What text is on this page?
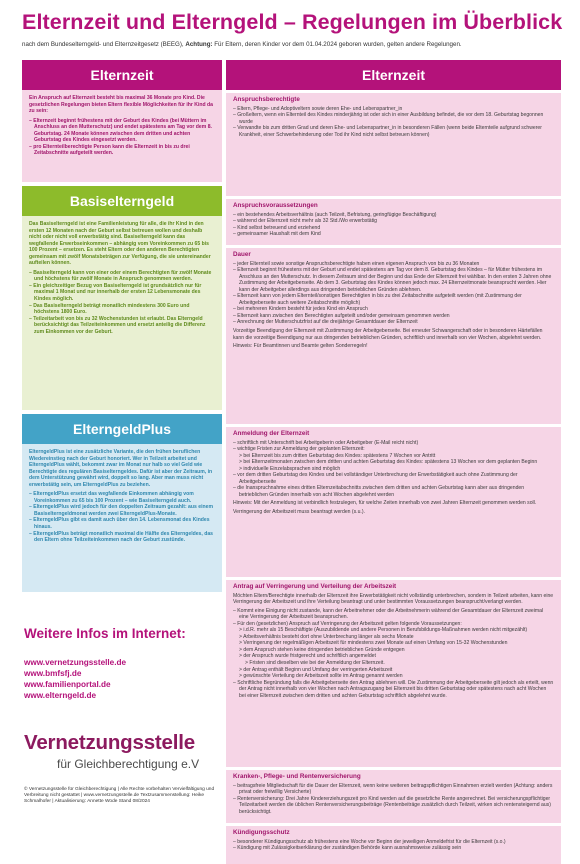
Elternzeit und Elterngeld – Regelungen im Überblick
nach dem Bundeselterngeld- und Elternzeitgesetz (BEEG), Achtung: Für Eltern, deren Kinder vor dem 01.04.2024 geboren wurden, gelten andere Regelungen.
Elternzeit

Ein Anspruch auf Elternzeit besteht bis maximal 36 Monate pro Kind. Die gesetzlichen Regelungen bieten Eltern flexible Möglichkeiten für ihr Kind da zu sein:

– Elternzeit beginnt frühestens mit der Geburt des Kindes (bei Müttern im Anschluss an den Mutterschutz) und endet spätestens am Tag vor dem 8. Geburtstag. 24 Monate können zwischen dem dritten und achten Geburtstag des Kindes eingesetzt werden.
– pro Elternteilberechtigte Person kann die Elternzeit in bis zu drei Zeitabschnitte aufgeteilt werden.
Basiselterngeld

Das Basiselterngeld ist eine Familienleistung für alle, die ihr Kind in den ersten 12 Monaten nach der Geburt selbst betreuen wollen und deshalb nicht oder nicht voll erwerbstätig sind. Basiselterngeld kann das wegfallende Erwerbseinkommen – abhängig vom Voreinkommen zu 65 bis 100 Prozent – ersetzen. Es steht Eltern oder den anderen Berechtigten gemeinsam mit zwölf Monatsbeträgen zur Verfügung, die sie untereinander aufteilen können.

– Basiselterngeld kann von einer oder einem Berechtigten für zwölf Monate und höchstens für zwölf Monate in Anspruch genommen werden.
– Ein gleichzeitiger Bezug von Basiselterngeld ist grundsätzlich nur für maximal 1 Monat und nur innerhalb der ersten 12 Lebensmonate des Kindes möglich.
– Das Basiselterngeld beträgt monatlich mindestens 300 Euro und höchstens 1800 Euro.
– Teilzeitarbeit von bis zu 32 Wochenstunden ist erlaubt. Das Elterngeld berücksichtigt das Teilzeiteinkommen und ersetzt anteilig die Differenz zum Einkommen vor der Geburt.
ElterngeldPlus

ElterngeldPlus ist eine zusätzliche Variante, die den frühen beruflichen Wiedereinstieg nach der Geburt honoriert. Wer in Teilzeit arbeitet und ElterngeldPlus wählt, bekommt zwar im Monat nur halb so viel Geld wie Berechtigte des regulären Basiselterngeldes. Dafür ist aber der Zeitraum, in dem Unterstützung gewährt wird, doppelt so lang. Aber man muss nicht erwerbstätig sein, um ElterngeldPlus zu beziehen.

– ElterngeldPlus ersetzt das wegfallende Einkommen abhängig vom Voreinkommen zu 65 bis 100 Prozent – wie Basiselterngeld auch.
– ElterngeldPlus wird jedoch für den doppelten Zeitraum gezahlt: aus einem Basiselterngeldmonat werden zwei ElterngeldPlus-Monate.
– ElterngeldPlus gibt es damit auch über den 14. Lebensmonat des Kindes hinaus.
– ElterngeldPlus beträgt monatlich maximal die Hälfte des Elterngeldes, das den Eltern ohne Teilzeiteinkommen nach der Geburt zustünde.
Weitere Infos im Internet:
www.vernetzungsstelle.de
www.bmfsfj.de
www.familienportal.de
www.elterngeld.de
Vernetzungsstelle
für Gleichberechtigung e.V
© Vernetzungsstelle für Gleichberechtigung | Alle Rechte vorbehalten Vervielfältigung und Verbreitung nicht gestattet | www.vernetzungsstelle.de Textzusammenstellung: Heike Schmalhofer | Aktualisierung: Annette Wode Stand 08/2024
Elternzeit
Anspruchsberechtigte
– Eltern, Pflege- und Adoptiveltern sowie deren Ehe- und Lebenspartner_in
– Großeltern, wenn ein Elternteil des Kindes minderjährig ist oder sich in einer Ausbildung befindet, die vor dem 18. Geburtstag begonnen wurde
– Verwandte bis zum dritten Grad und deren Ehe- und Lebenspartner_in in besonderen Fällen (wenn beide Elternteile aufgrund schwerer Krankheit, einer Schwerbehinderung oder Tod ihr Kind nicht selbst betreuen können)
Anspruchsvoraussetzungen
– ein bestehendes Arbeitsverhältnis (auch Teilzeit, Befristung, geringfügige Beschäftigung)
– während der Elternzeit nicht mehr als 32 Std./Wo erwerbstätig
– Kind selbst betreuend und erziehend
– gemeinsamer Haushalt mit dem Kind
Dauer
– jeder Elternteil sowie sonstige Anspruchsberechtigte haben einen eigenen Anspruch von bis zu 36 Monaten
– Elternzeit beginnt frühestens mit der Geburt und endet spätestens am Tag vor dem 8. Geburtstag des Kindes – für Mütter frühestens im Anschluss an den Mutterschutz. In diesem Zeitraum sind der Beginn und das Ende der Elternzeit frei wählbar. In den ersten 3 Jahren ohne Zustimmung der Arbeitgeberseite. Ab dem 3. Geburtstag des Kindes können jedoch max. 24 Elternzeitmonate beansprucht werden. Hier kann der Arbeitgeber allerdings aus dringenden betrieblichen Gründen ablehnen.
– Elternzeit kann von jedem Elternteil/sonstigen Berechtigten in bis zu drei Zeitabschnitte aufgeteilt werden (mit Zustimmung der Arbeitgeberseite auch weitere Zeitabschnitte möglich)
– bei mehreren Kindern besteht für jedes Kind ein Anspruch
– Elternzeit kann zwischen den Berechtigten aufgeteilt und/oder gemeinsam genommen werden
– Anrechnung der Mutterschutzfrist auf die dreijährige Gesamtdauer der Elternzeit

Vorzeitige Beendigung der Elternzeit mit Zustimmung der Arbeitgeberseite. Bei erneuter Schwangerschaft oder in besonderen Härtefällen kann die vorzeitige Beendigung nur aus dringenden betrieblichen Gründen, schriftlich und innerhalb von vier Wochen, abgelehnt werden.

Hinweis: Für Beamtinnen und Beamte gelten Sonderregeln!

Anmeldung der Elternzeit
– schriftlich mit Unterschrift bei Arbeitgeberin oder Arbeitgeber (E-Mail reicht nicht)
– wichtige Fristen zur Anmeldung der geplanten Elternzeit:
> bei Elternzeit bis zum dritten Geburtstag des Kindes: spätestens 7 Wochen vor Antritt
> bei Elternzeitmonaten zwischen dem dritten und achten Geburtstag des Kindes: spätestens 13 Wochen vor dem geplanten Beginn
> individuelle Einzelabsprachen sind möglich
– vor dem dritten Geburtstag des Kindes und bei vollständiger Unterbrechung der Erwerbstätigkeit auch ohne Zustimmung der Arbeitgeberseite
– die Inanspruchnahme eines dritten Elternzeitabschnitts zwischen dem dritten und achten Geburtstag kann aber aus dringenden betrieblichen Gründen innerhalb von acht Wochen abgelehnt werden

Hinweis: Mit der Anmeldung ist verbindlich festzulegen, für welche Zeiten innerhalb von zwei Jahren Elternzeit genommen werden soll.

Verringerung der Arbeitszeit muss beantragt werden (s.u.).

Antrag auf Verringerung und Verteilung der Arbeitszeit

Möchten Eltern/Berechtigte innerhalb der Elternzeit ihre Erwerbstätigkeit nicht vollständig unterbrechen, sondern in Teilzeit arbeiten, kann eine Verringerung der Arbeitszeit und ihre Verteilung beantragt und unter bestimmten Voraussetzungen beansprucht/verlangt werden.

– Kommt eine Einigung nicht zustande, kann der Arbeitnehmer oder die Arbeitnehmerin während der Gesamtdauer der Elternzeit zweimal eine Verringerung der Arbeitszeit beanspruchen.
– Für den (gesetzlichen) Anspruch auf Verringerung der Arbeitszeit gelten folgende Voraussetzungen:
> i.d.R. mehr als 15 Beschäftigte (Auszubildende und andere Personen in Berufsbildungs-Maßnahmen werden nicht mitgezählt)
> Arbeitsverhältnis besteht dort ohne Unterbrechung länger als sechs Monate
> Verringerung der regelmäßigen Arbeitszeit für mindestens zwei Monate auf einen Umfang von 15-32 Wochenstunden
> dem Anspruch stehen keine dringenden betrieblichen Gründe entgegen
> der Anspruch wurde fristgerecht und schriftlich angemeldet
> Fristen sind dieselben wie bei der Anmeldung der Elternzeit.
> der Antrag enthält Beginn und Umfang der verringerten Arbeitszeit
> gewünschte Verteilung der Arbeitszeit sollte im Antrag genannt werden
– Schriftliche Begründung falls die Arbeitgeberseite den Antrag ablehnen will. Die Zustimmung der Arbeitgeberseite gilt jedoch als erteilt, wenn der Antrag nicht innerhalb von vier Wochen nach Antragszugang bei Elternzeit bis dritten Geburtstag oder spätestens nach acht Wochen bei einer Elternzeit zwischen dem dritten und achten Geburtstag schriftlich abgelehnt wurde.
Kranken-, Pflege- und Rentenversicherung
– beitragsfreie Mitgliedschaft für die Dauer der Elternzeit, wenn keine weiteren beitragspflichtigen Einnahmen erzielt werden (Achtung: anders privat oder freiwillig Versicherte)
– Rentenversicherung: Drei Jahre Kindererziehungszeit pro Kind werden auf die gesetzliche Rente angerechnet. Bei versicherungspflichtiger Teilzeitarbeit werden die üblichen Rentenversicherungsbeiträge (Rentenbeiträge zusätzlich durch Teilzeit, wirken sich rentensteigernd aus) berücksichtigt.
Kündigungsschutz
– besonderer Kündigungsschutz ab frühestens eine Woche vor Beginn der jeweiligen Anmeldefrist für die Elternzeit (s.o.)
– Kündigung mit Zulässigkeitserklärung der zuständigen Behörde kann ausnahmsweise zulässig sein
